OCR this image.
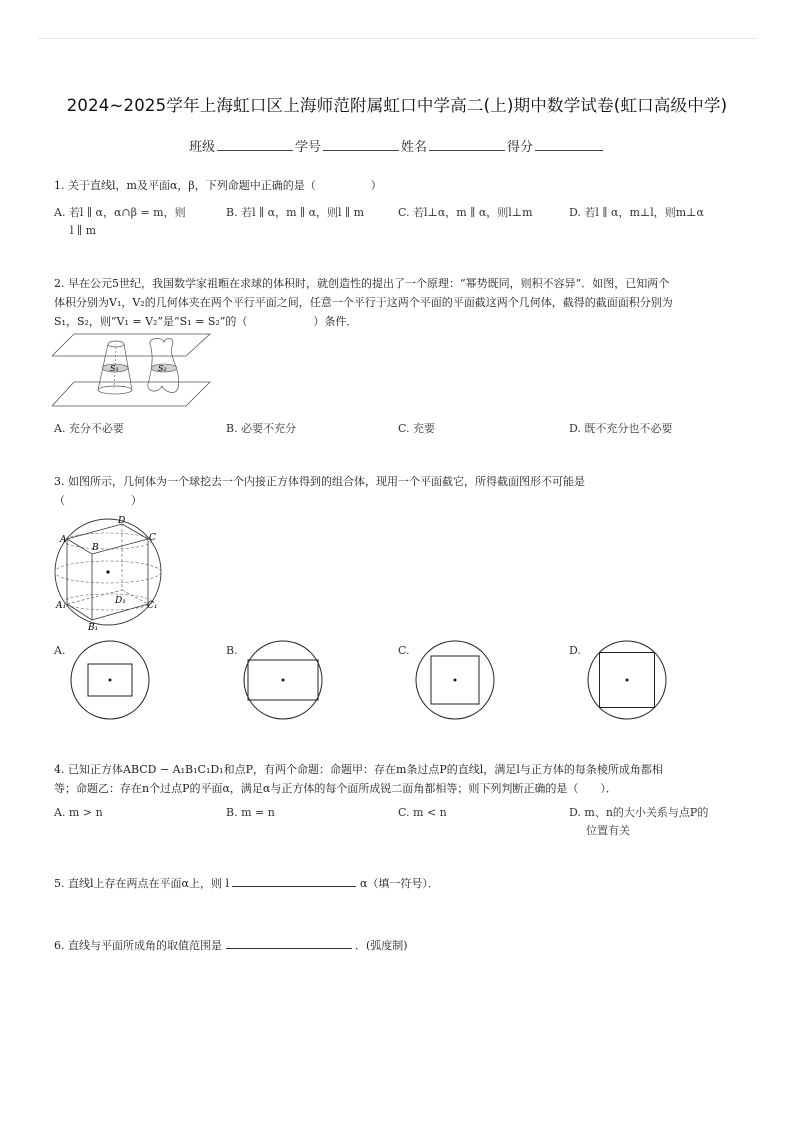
2024~2025学年上海虹口区上海师范附属虹口中学高二(上)期中数学试卷(虹口高级中学)
班级	学号	姓名	得分
1. 关于直线l，m及平面α，β，下列命题中正确的是（　　　　　）
A. 若l ∥ α，α∩β = m，则
l ∥ m
B. 若l ∥ α，m ∥ α，则l ∥ m	C. 若l⊥α，m ∥ α，则l⊥m	D. 若l ∥ α，m⊥l，则m⊥α
2. 早在公元5世纪，我国数学家祖暅在求球的体积时，就创造性的提出了一个原理：“幂势既同，则积不容异”．如图，已知两个
体积分别为V₁，V₂的几何体夹在两个平行平面之间，任意一个平行于这两个平面的平面截这两个几何体，截得的截面面积分别为
S₁，S₂，则“V₁ = V₂”是“S₁ = S₂”的（　　　　　　）条件．
S₁	S₂
A. 充分不必要	B. 必要不充分	C. 充要	D. 既不充分也不必要
3. 如图所示，几何体为一个球挖去一个内接正方体得到的组合体，现用一个平面截它，所得截面图形不可能是
（　　　　　　）
D
A	C
B
A₁	D₁ C₁
B₁
A.	B.	C.	D.
4. 已知正方体ABCD − A₁B₁C₁D₁和点P，有两个命题：命题甲：存在m条过点P的直线l，满足l与正方体的每条棱所成角都相
等；命题乙：存在n个过点P的平面α，满足α与正方体的每个面所成锐二面角都相等；则下列判断正确的是（　　）．
A. m > n	B. m = n	C. m < n	D. m、n的大小关系与点P的
位置有关
5. 直线l上存在两点在平面α上，则 l	α（填一符号）．
6. 直线与平面所成角的取值范围是	．(弧度制)
